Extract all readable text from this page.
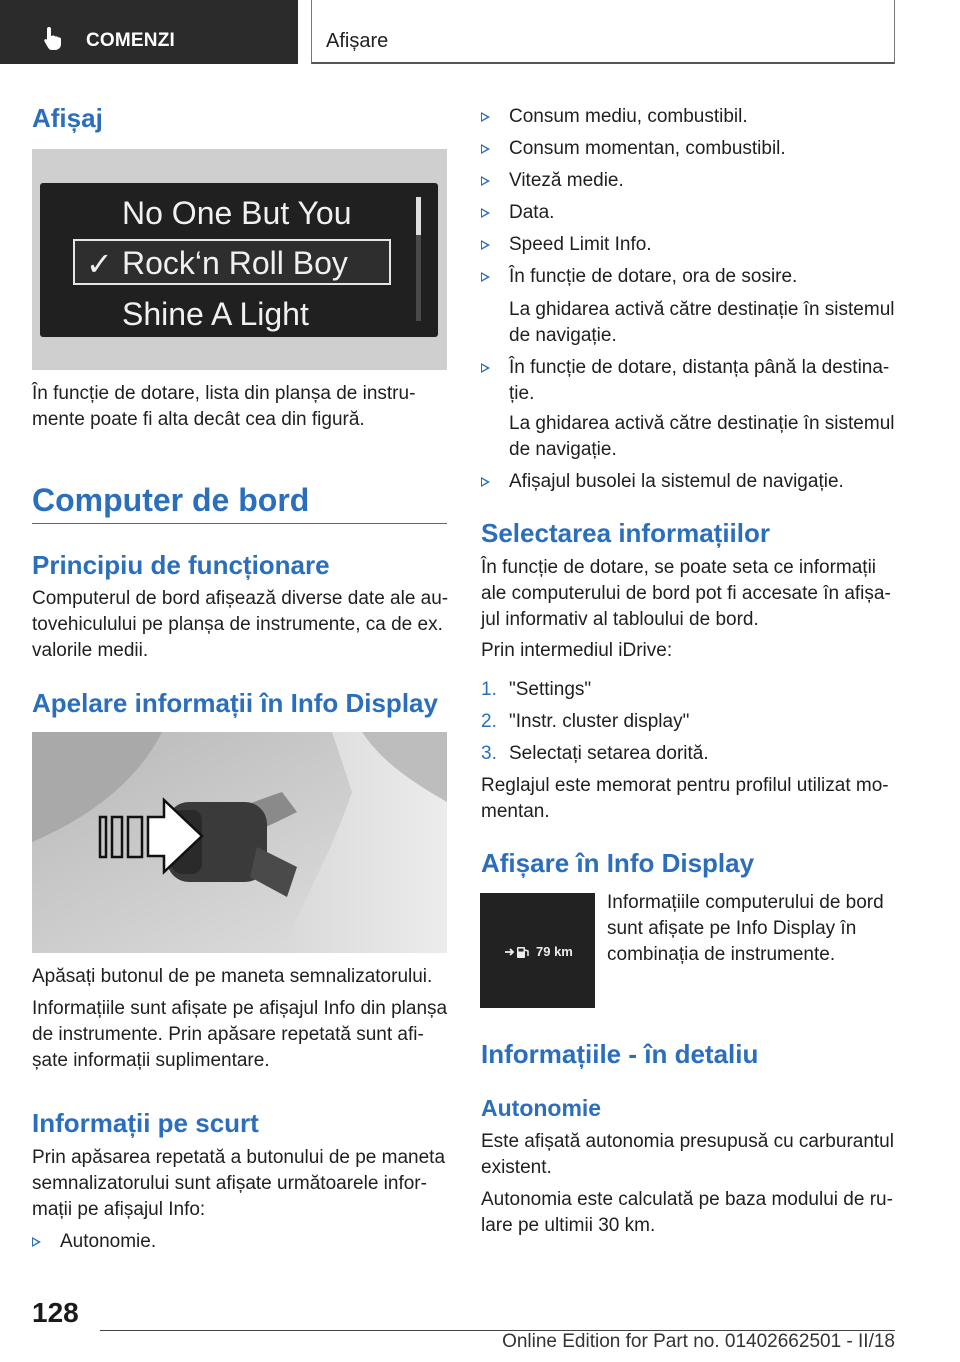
COMENZI	Afișare
Afișaj
No One But You
✓ Rock‘n Roll Boy
Shine A Light

În funcție de dotare, lista din planșa de instru‐

mente poate fi alta decât cea din figură.

Computer de bord
Principiu de funcționare

Computerul de bord afișează diverse date ale au‐

tovehiculului pe planșa de instrumente, ca de ex.

valorile medii.

Apelare informații în Info Display

Apăsați butonul de pe maneta semnalizatorului.

Informațiile sunt afișate pe afișajul Info din planșa

de instrumente. Prin apăsare repetată sunt afi‐

șate informații suplimentare.

Informații pe scurt

Prin apăsarea repetată a butonului de pe maneta

semnalizatorului sunt afișate următoarele infor‐

mații pe afișajul Info:

Autonomie.
Consum mediu, combustibil.
Consum momentan, combustibil.
Viteză medie.
Data.
Speed Limit Info.
În funcție de dotare, ora de sosire.

La ghidarea activă către destinație în sistemul

de navigație.

În funcție de dotare, distanța până la destina‐

ție.

La ghidarea activă către destinație în sistemul

de navigație.

Afișajul busolei la sistemul de navigație.
Selectarea informațiilor

În funcție de dotare, se poate seta ce informații

ale computerului de bord pot fi accesate în afișa‐

jul informativ al tabloului de bord.

Prin intermediul iDrive:

1. "Settings"
2. "Instr. cluster display"
3. Selectați setarea dorită.

Reglajul este memorat pentru profilul utilizat mo‐

mentan.

Afișare în Info Display
79 km

Informațiile computerului de bord

sunt afișate pe Info Display în

combinația de instrumente.

Informațiile - în detaliu
Autonomie

Este afișată autonomia presupusă cu carburantul

existent.

Autonomia este calculată pe baza modului de ru‐

lare pe ultimii 30 km.

128
Online Edition for Part no. 01402662501 - II/18
